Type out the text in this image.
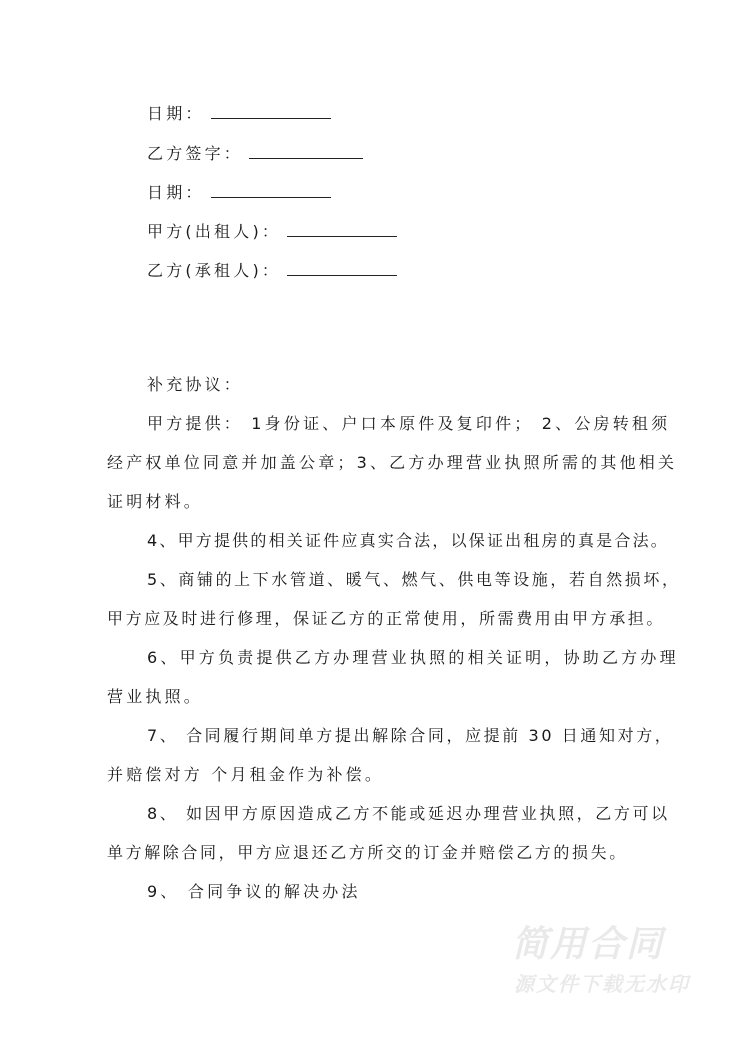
日期：
乙方签字：
日期：
甲方(出租人)：
乙方(承租人)：
补充协议：
甲方提供： 1身份证、户口本原件及复印件； 2、公房转租须
经产权单位同意并加盖公章；3、乙方办理营业执照所需的其他相关
证明材料。
4、甲方提供的相关证件应真实合法，以保证出租房的真是合法。
5、商铺的上下水管道、暖气、燃气、供电等设施，若自然损坏，
甲方应及时进行修理，保证乙方的正常使用，所需费用由甲方承担。
6、甲方负责提供乙方办理营业执照的相关证明，协助乙方办理
营业执照。
7、 合同履行期间单方提出解除合同，应提前 30 日通知对方，
并赔偿对方 个月租金作为补偿。
8、 如因甲方原因造成乙方不能或延迟办理营业执照，乙方可以
单方解除合同，甲方应退还乙方所交的订金并赔偿乙方的损失。
9、 合同争议的解决办法
简用合同
源文件下载无水印
